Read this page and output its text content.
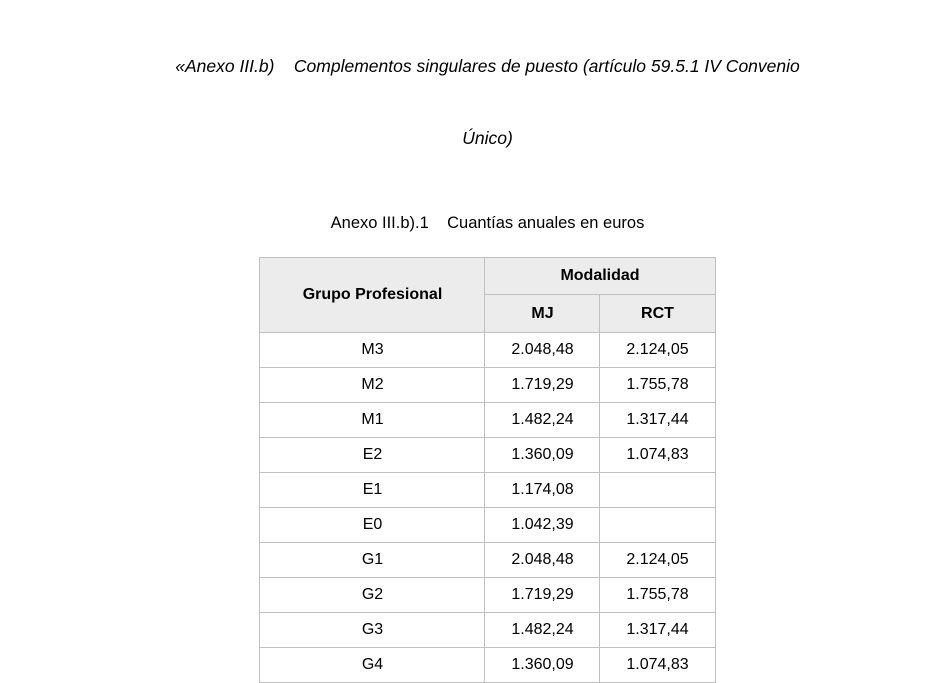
«Anexo III.b)    Complementos singulares de puesto (artículo 59.5.1 IV Convenio

Único)

Anexo III.b).1    Cuantías anuales en euros
Grupo Profesional	Modalidad	
	MJ	RCT
M3	2.048,48	2.124,05
M2	1.719,29	1.755,78
M1	1.482,24	1.317,44
E2	1.360,09	1.074,83
E1	1.174,08	
E0	1.042,39	
G1	2.048,48	2.124,05
G2	1.719,29	1.755,78
G3	1.482,24	1.317,44
G4	1.360,09	1.074,83
